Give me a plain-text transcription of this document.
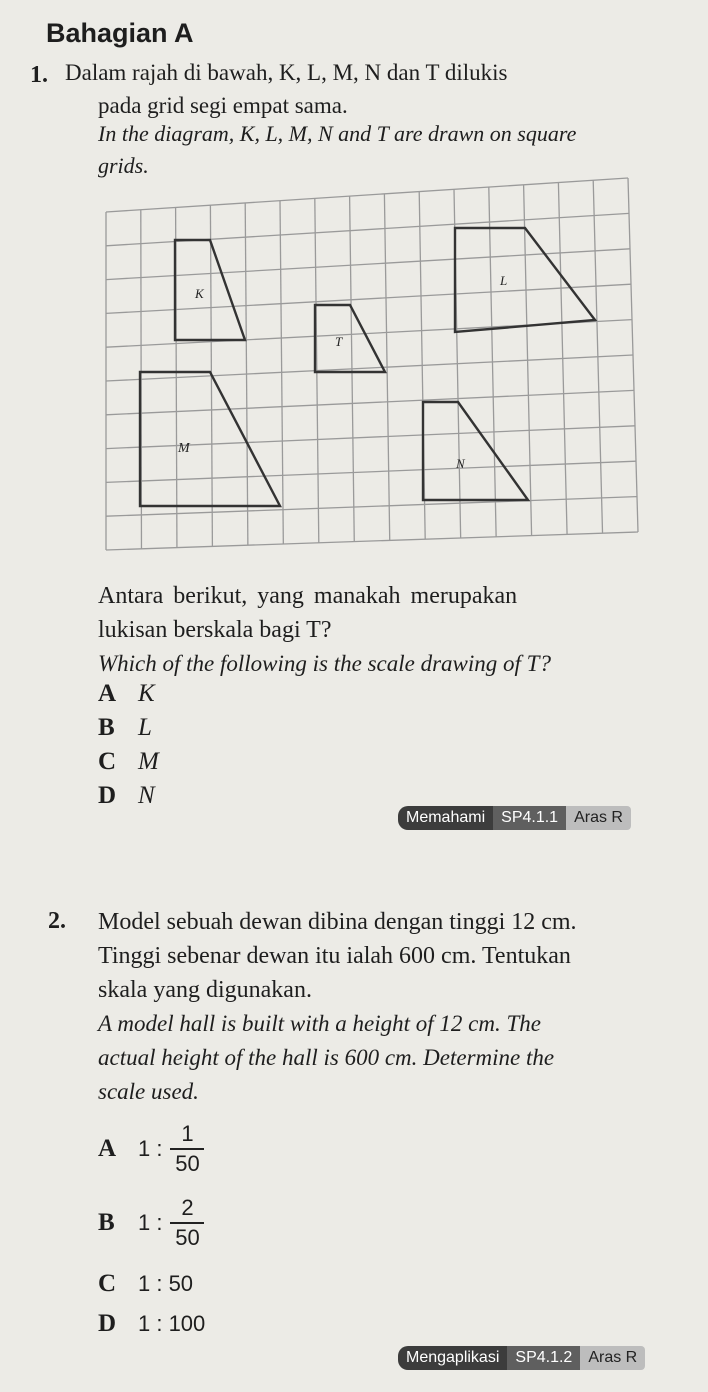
Bahagian A
1. Dalam rajah di bawah, K, L, M, N dan T dilukis
pada grid segi empat sama.
In the diagram, K, L, M, N and T are drawn on square
grids.
K
T
L
M
N
Antara berikut, yang manakah merupakan
lukisan berskala bagi T?
Which of the following is the scale drawing of T?
A K
B L
C M
D N
Memahami	SP4.1.1	Aras R
2. Model sebuah dewan dibina dengan tinggi 12 cm.
Tinggi sebenar dewan itu ialah 600 cm. Tentukan
skala yang digunakan.
A model hall is built with a height of 12 cm. The
actual height of the hall is 600 cm. Determine the
scale used.
A 1 : $\frac{1}{50}$
B	1 : $\frac{2}{50}$
C 1 : 50
D 1 : 100
Mengaplikasi	SP4.1.2	Aras R
